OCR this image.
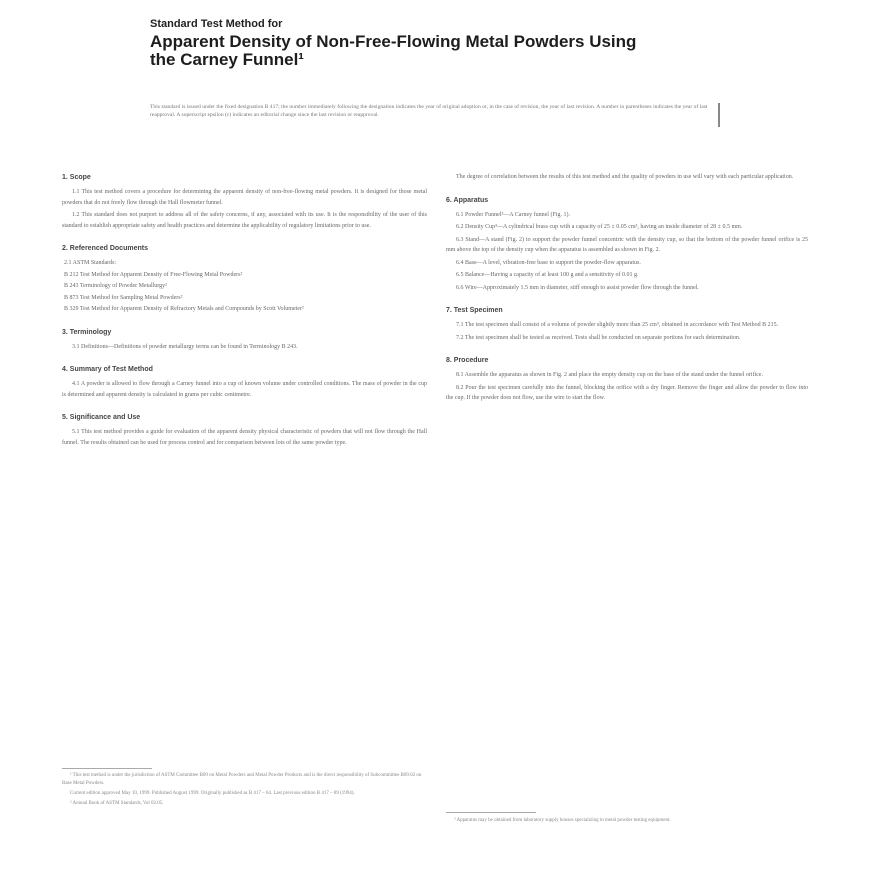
Standard Test Method for
Apparent Density of Non-Free-Flowing Metal Powders Using
the Carney Funnel¹
This standard is issued under the fixed designation B 417; the number immediately following the designation indicates the year of original adoption or, in the case of revision, the year of last revision. A number in parentheses indicates the year of last reapproval. A superscript epsilon (ε) indicates an editorial change since the last revision or reapproval.
1. Scope

1.1 This test method covers a procedure for determining the apparent density of non-free-flowing metal powders. It is designed for those metal powders that do not freely flow through the Hall flowmeter funnel.

1.2 This standard does not purport to address all of the safety concerns, if any, associated with its use. It is the responsibility of the user of this standard to establish appropriate safety and health practices and determine the applicability of regulatory limitations prior to use.

2. Referenced Documents
2.1 ASTM Standards:
B 212 Test Method for Apparent Density of Free-Flowing Metal Powders²
B 243 Terminology of Powder Metallurgy²
B 873 Test Method for Sampling Metal Powders²
B 329 Test Method for Apparent Density of Refractory Metals and Compounds by Scott Volumeter²
3. Terminology

3.1 Definitions—Definitions of powder metallurgy terms can be found in Terminology B 243.

4. Summary of Test Method

4.1 A powder is allowed to flow through a Carney funnel into a cup of known volume under controlled conditions. The mass of powder in the cup is determined and apparent density is calculated in grams per cubic centimetre.

5. Significance and Use

5.1 This test method provides a guide for evaluation of the apparent density physical characteristic of powders that will not flow through the Hall funnel. The results obtained can be used for process control and for comparison between lots of the same powder type.

The degree of correlation between the results of this test method and the quality of powders in use will vary with each particular application.

6. Apparatus

6.1 Powder Funnel³—A Carney funnel (Fig. 1).

6.2 Density Cup³—A cylindrical brass cup with a capacity of 25 ± 0.05 cm³, having an inside diameter of 28 ± 0.5 mm.

6.3 Stand—A stand (Fig. 2) to support the powder funnel concentric with the density cup, so that the bottom of the powder funnel orifice is 25 mm above the top of the density cup when the apparatus is assembled as shown in Fig. 2.

6.4 Base—A level, vibration-free base to support the powder-flow apparatus.

6.5 Balance—Having a capacity of at least 100 g and a sensitivity of 0.01 g.

6.6 Wire—Approximately 1.5 mm in diameter, stiff enough to assist powder flow through the funnel.

7. Test Specimen

7.1 The test specimen shall consist of a volume of powder slightly more than 25 cm³, obtained in accordance with Test Method B 215.

7.2 The test specimen shall be tested as received. Tests shall be conducted on separate portions for each determination.

8. Procedure

8.1 Assemble the apparatus as shown in Fig. 2 and place the empty density cup on the base of the stand under the funnel orifice.

8.2 Pour the test specimen carefully into the funnel, blocking the orifice with a dry finger. Remove the finger and allow the powder to flow into the cup. If the powder does not flow, use the wire to start the flow.

¹ This test method is under the jurisdiction of ASTM Committee B09 on Metal Powders and Metal Powder Products and is the direct responsibility of Subcommittee B09.02 on Base Metal Powders.
Current edition approved May 10, 1999. Published August 1999. Originally published as B 417 – 64. Last previous edition B 417 – 89 (1994).
² Annual Book of ASTM Standards, Vol 02.05.
³ Apparatus may be obtained from laboratory supply houses specializing in metal powder testing equipment.
